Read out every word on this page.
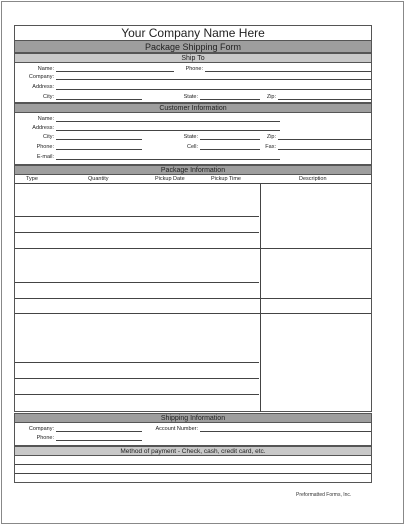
Your Company Name Here
Package Shipping Form
Ship To
Name:	Phone:
Company:
Address:
City:	State:	Zip:
Customer Information
Name:
Address:
City:	State:	Zip:
Phone:	Cell:	Fax:
E-mail:
Package Information
Type	Quantity	Pickup Date	Pickup Time	Description
Shipping Information
Company:	Account Number:
Phone:
Method of payment - Check, cash, credit card, etc.
Preformatted Forms, Inc.
